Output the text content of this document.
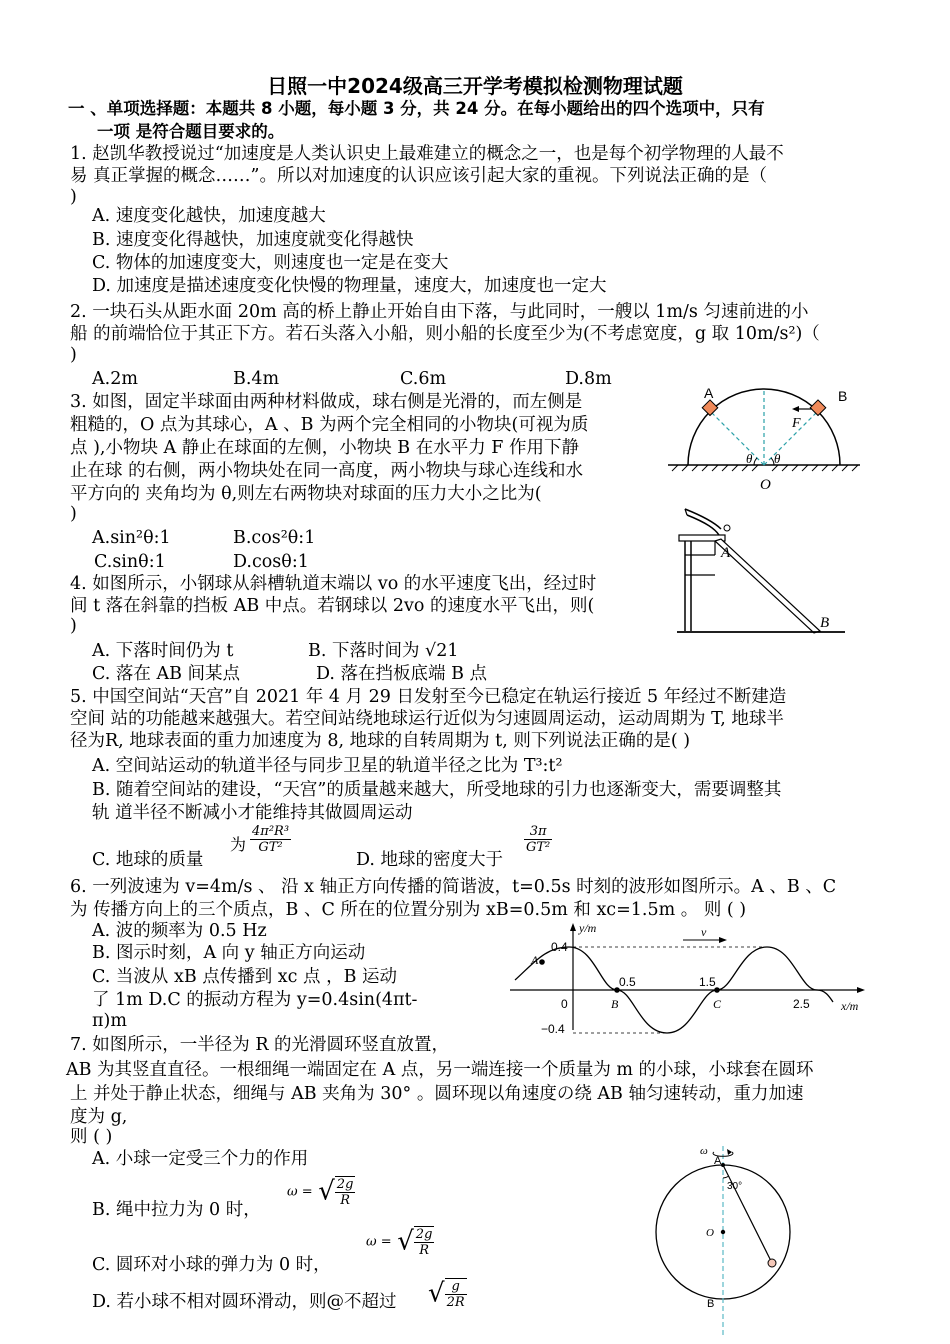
日照一中2024级高三开学考模拟检测物理试题
一 、单项选择题：本题共 8 小题，每小题 3 分，共 24 分。在每小题给出的四个选项中，只有
一项 是符合题目要求的。
1. 赵凯华教授说过“加速度是人类认识史上最难建立的概念之一，也是每个初学物理的人最不
易 真正掌握的概念……”。所以对加速度的认识应该引起大家的重视。下列说法正确的是（
)
A. 速度变化越快，加速度越大
B. 速度变化得越快，加速度就变化得越快
C. 物体的加速度变大，则速度也一定是在变大
D. 加速度是描述速度变化快慢的物理量，速度大，加速度也一定大
2. 一块石头从距水面 20m 高的桥上静止开始自由下落，与此同时，一艘以 1m/s 匀速前进的小
船 的前端恰位于其正下方。若石头落入小船，则小船的长度至少为(不考虑宽度，g 取 10m/s²)（
)
A.2m	B.4m	C.6m	D.8m
3. 如图，固定半球面由两种材料做成，球右侧是光滑的，而左侧是
粗糙的，O 点为其球心，A 、B 为两个完全相同的小物块(可视为质
点 ),小物块 A 静止在球面的左侧，小物块 B 在水平力 F 作用下静
止在球 的右侧，两小物块处在同一高度，两小物块与球心连线和水
平方向的 夹角均为 θ,则左右两物块对球面的压力大小之比为(
)
A.sin²θ:1	B.cos²θ:1
C.sinθ:1	D.cosθ:1
A	B
F
O
θ θ
4. 如图所示，小钢球从斜槽轨道末端以 vo 的水平速度飞出，经过时
间 t 落在斜靠的挡板 AB 中点。若钢球以 2vo 的速度水平飞出，则(
)
A. 下落时间仍为 t	B. 下落时间为 √21
C. 落在 AB 间某点	D. 落在挡板底端 B 点
A
B
5. 中国空间站“天宫”自 2021 年 4 月 29 日发射至今已稳定在轨运行接近 5 年经过不断建造
空间 站的功能越来越强大。若空间站绕地球运行近似为匀速圆周运动，运动周期为 T, 地球半
径为R, 地球表面的重力加速度为 8, 地球的自转周期为 t, 则下列说法正确的是( )
A. 空间站运动的轨道半径与同步卫星的轨道半径之比为 T³:t²
B. 随着空间站的建设，“天宫”的质量越来越大，所受地球的引力也逐渐变大，需要调整其
轨 道半径不断减小才能维持其做圆周运动
C. 地球的质量
为 $\frac{\text{4π²R³}}{\text{GT²}}$
D. 地球的密度大于
$\frac{3\pi}{\text{GT²}}$
6. 一列波速为 v=4m/s 、 沿 x 轴正方向传播的简谐波，t=0.5s 时刻的波形如图所示。A 、B 、C
为 传播方向上的三个质点，B 、C 所在的位置分别为 xB=0.5m 和 xc=1.5m 。 则 ( )
A. 波的频率为 0.5 Hz
B. 图示时刻，A 向 y 轴正方向运动
C. 当波从 xB 点传播到 xc 点 ，B 运动
了 1m D.C 的振动方程为 y=0.4sin(4πt-
π)m
y/m
x/m
v
0.4
−0.4
0
0.5	1.5
2.5
A
B	C
7. 如图所示，一半径为 R 的光滑圆环竖直放置，
AB 为其竖直直径。一根细绳一端固定在 A 点，另一端连接一个质量为 m 的小球，小球套在圆环
上 并处于静止状态，细绳与 AB 夹角为 30° 。圆环现以角速度の绕 AB 轴匀速转动，重力加速
度为 g,
则 ( )
A. 小球一定受三个力的作用
B. 绳中拉力为 0 时，
ω = √ $\frac{2g}{R}$
C. 圆环对小球的弹力为 0 时，
ω = √ $\frac{2g}{R}$
D. 若小球不相对圆环滑动，则@不超过 √ $\frac{g}{2R}$
ω
A
30°
O
B
